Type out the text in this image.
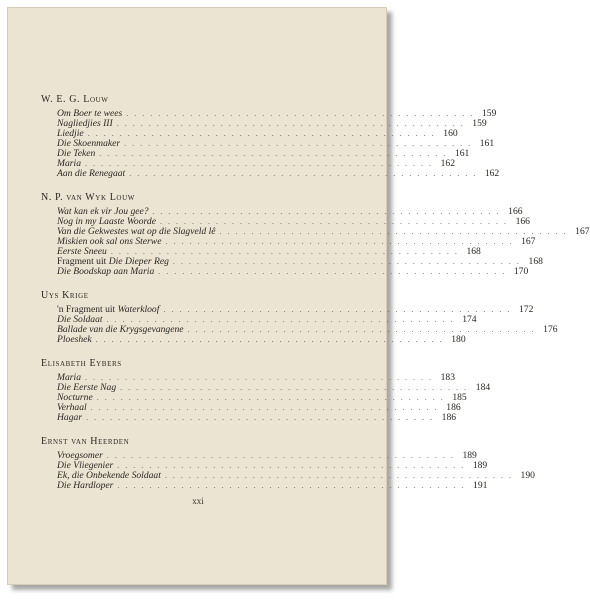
W. E. G. Louw
Om Boer te wees . . . . . . . . . . . . . . . . . . . . . . . . . . . . . . . . . . . . . . . . . . . . 159
Nagliedjies III . . . . . . . . . . . . . . . . . . . . . . . . . . . . . . . . . . . . . . . . . . . . 159
Liedjie . . . . . . . . . . . . . . . . . . . . . . . . . . . . . . . . . . . . . . . . . . . . 160
Die Skoenmaker . . . . . . . . . . . . . . . . . . . . . . . . . . . . . . . . . . . . . . . . . . . . 161
Die Teken . . . . . . . . . . . . . . . . . . . . . . . . . . . . . . . . . . . . . . . . . . . . 161
Maria . . . . . . . . . . . . . . . . . . . . . . . . . . . . . . . . . . . . . . . . . . . . 162
Aan die Renegaat . . . . . . . . . . . . . . . . . . . . . . . . . . . . . . . . . . . . . . . . . . . . 162
N. P. van Wyk Louw
Wat kan ek vir Jou gee? . . . . . . . . . . . . . . . . . . . . . . . . . . . . . . . . . . . . . . . . . . . . 166
Nog in my Laaste Woorde . . . . . . . . . . . . . . . . . . . . . . . . . . . . . . . . . . . . . . . . . . . . 166
Van die Gekwestes wat op die Slagveld lê . . . . . . . . . . . . . . . . . . . . . . . . . . . . . . . . . . . . . . . . . . . . 167
Miskien ook sal ons Sterwe . . . . . . . . . . . . . . . . . . . . . . . . . . . . . . . . . . . . . . . . . . . . 167
Eerste Sneeu . . . . . . . . . . . . . . . . . . . . . . . . . . . . . . . . . . . . . . . . . . . . 168
Fragment uit Die Dieper Reg . . . . . . . . . . . . . . . . . . . . . . . . . . . . . . . . . . . . . . . . . . . . 168
Die Boodskap aan Maria . . . . . . . . . . . . . . . . . . . . . . . . . . . . . . . . . . . . . . . . . . . . 170
Uys Krige
'n Fragment uit Waterkloof . . . . . . . . . . . . . . . . . . . . . . . . . . . . . . . . . . . . . . . . . . . . 172
Die Soldaat . . . . . . . . . . . . . . . . . . . . . . . . . . . . . . . . . . . . . . . . . . . . 174
Ballade van die Krygsgevangene . . . . . . . . . . . . . . . . . . . . . . . . . . . . . . . . . . . . . . . . . . . . 176
Ploeshek . . . . . . . . . . . . . . . . . . . . . . . . . . . . . . . . . . . . . . . . . . . . 180
Elisabeth Eybers
Maria . . . . . . . . . . . . . . . . . . . . . . . . . . . . . . . . . . . . . . . . . . . . 183
Die Eerste Nag . . . . . . . . . . . . . . . . . . . . . . . . . . . . . . . . . . . . . . . . . . . . 184
Nocturne . . . . . . . . . . . . . . . . . . . . . . . . . . . . . . . . . . . . . . . . . . . . 185
Verhaal . . . . . . . . . . . . . . . . . . . . . . . . . . . . . . . . . . . . . . . . . . . . 186
Hagar . . . . . . . . . . . . . . . . . . . . . . . . . . . . . . . . . . . . . . . . . . . . 186
Ernst van Heerden
Vroegsomer . . . . . . . . . . . . . . . . . . . . . . . . . . . . . . . . . . . . . . . . . . . . 189
Die Vliegenier . . . . . . . . . . . . . . . . . . . . . . . . . . . . . . . . . . . . . . . . . . . . 189
Ek, die Onbekende Soldaat . . . . . . . . . . . . . . . . . . . . . . . . . . . . . . . . . . . . . . . . . . . . 190
Die Hardloper . . . . . . . . . . . . . . . . . . . . . . . . . . . . . . . . . . . . . . . . . . . . 191
xxi
